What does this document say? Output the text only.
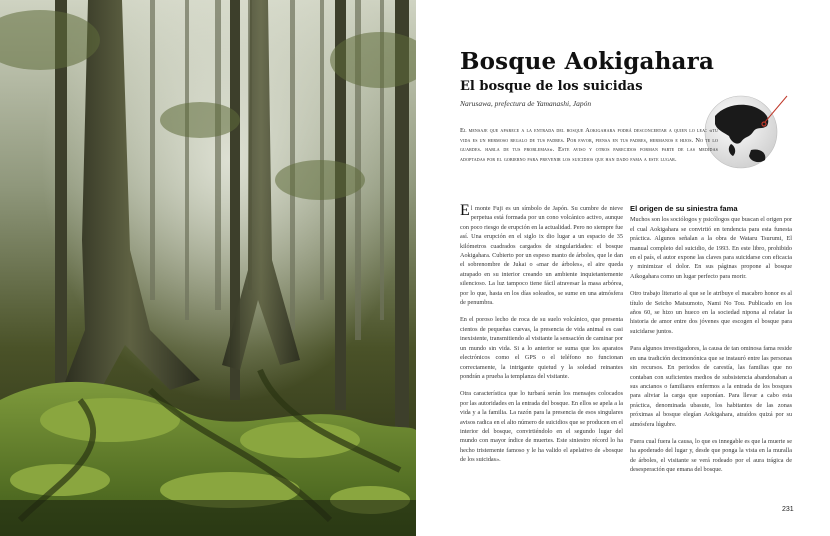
Bosque Aokigahara
El bosque de los suicidas

Narusawa, prefectura de Yamanashi, Japón

El mensaje que aparece a la entrada del bosque Aokigahara podrá desconcertar a quien lo lea: «tu vida es un hermoso regalo de tus padres. Por favor, piensa en tus padres, hermanos e hijos. No te lo guardes. habla de tus problemas». Este aviso y otros parecidos forman parte de las medidas adoptadas por el gobierno para prevenir los suicidios que han dado fama a este lugar.

El monte Fuji es un símbolo de Japón. Su cumbre de nieve perpetua está formada por un cono volcánico activo, aunque con poco riesgo de erupción en la actualidad. Pero no siempre fue así. Una erupción en el siglo ix dio lugar a un espacio de 35 kilómetros cuadrados cargados de singularidades: el bosque Aokigahara. Cubierto por un espeso manto de árboles, que le dan el sobrenombre de Jukai o «mar de árboles», el aire queda atrapado en su interior creando un ambiente inquietantemente silencioso. La luz tampoco tiene fácil atravesar la masa arbórea, por lo que, hasta en los días soleados, se sume en una atmósfera de penumbra.

En el poroso lecho de roca de su suelo volcánico, que presenta cientos de pequeñas cuevas, la presencia de vida animal es casi inexistente, transmitiendo al visitante la sensación de caminar por un mundo sin vida. Si a lo anterior se suma que los aparatos electrónicos como el GPS o el teléfono no funcionan correctamente, la intrigante quietud y la soledad reinantes pondrán a prueba la templanza del visitante.

Otra característica que lo turbará serán los mensajes colocados por las autoridades en la entrada del bosque. En ellos se apela a la vida y a la familia. La razón para la presencia de esos singulares avisos radica en el alto número de suicidios que se producen en el interior del bosque, convirtiéndolo en el segundo lugar del mundo con mayor índice de muertes. Este siniestro récord lo ha hecho tristemente famoso y le ha valido el apelativo de «bosque de los suicidas».

El origen de su siniestra fama

Muchos son los sociólogos y psicólogos que buscan el origen por el cual Aokigahara se convirtió en tendencia para esta funesta práctica. Algunos señalan a la obra de Wataru Tsurumi, El manual completo del suicidio, de 1993. En este libro, prohibido en el país, el autor expone las claves para suicidarse con eficacia y minimizar el dolor. En sus páginas propone al bosque Aikogahara como un lugar perfecto para morir.

Otro trabajo literario al que se le atribuye el macabro honor es al título de Seicho Matsumoto, Nami No Tou. Publicado en los años 60, se hizo un hueco en la sociedad nipona al relatar la historia de amor entre dos jóvenes que escogen el bosque para suicidarse juntos.

Para algunos investigadores, la causa de tan ominosa fama reside en una tradición decimonónica que se instauró entre las personas sin recursos. En periodos de carestía, las familias que no contaban con suficientes medios de subsistencia abandonaban a sus ancianos o familiares enfermos a la entrada de los bosques para aliviar la carga que suponían. Para llevar a cabo esta práctica, denominada ubasute, los habitantes de las zonas próximas al bosque elegían Aokigahara, atraídos quizá por su atmósfera lúgubre.

Fuera cual fuera la causa, lo que es innegable es que la muerte se ha apoderado del lugar y, desde que ponga la vista en la muralla de árboles, el visitante se verá rodeado por el aura trágica de desesperación que emana del bosque.

231
